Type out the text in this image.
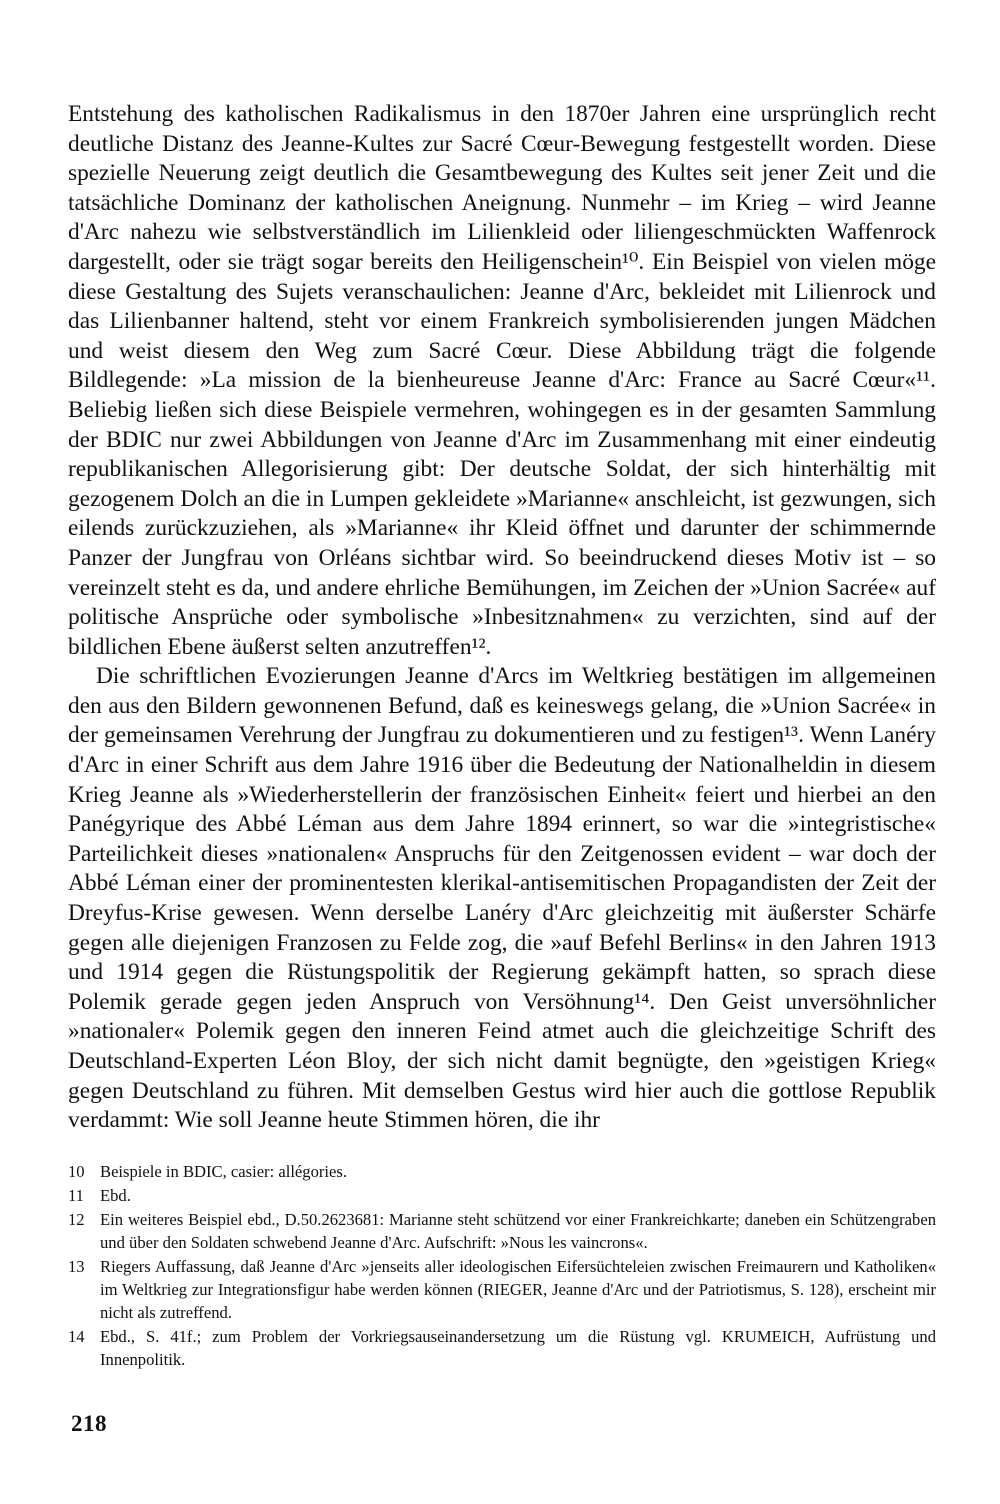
Entstehung des katholischen Radikalismus in den 1870er Jahren eine ursprünglich recht deutliche Distanz des Jeanne-Kultes zur Sacré Cœur-Bewegung festgestellt worden. Diese spezielle Neuerung zeigt deutlich die Gesamtbewegung des Kultes seit jener Zeit und die tatsächliche Dominanz der katholischen Aneignung. Nunmehr – im Krieg – wird Jeanne d'Arc nahezu wie selbstverständlich im Lilienkleid oder liliengeschmückten Waffenrock dargestellt, oder sie trägt sogar bereits den Heiligenschein¹⁰. Ein Beispiel von vielen möge diese Gestaltung des Sujets veranschaulichen: Jeanne d'Arc, bekleidet mit Lilienrock und das Lilienbanner haltend, steht vor einem Frankreich symbolisierenden jungen Mädchen und weist diesem den Weg zum Sacré Cœur. Diese Abbildung trägt die folgende Bildlegende: »La mission de la bienheureuse Jeanne d'Arc: France au Sacré Cœur«¹¹. Beliebig ließen sich diese Beispiele vermehren, wohingegen es in der gesamten Sammlung der BDIC nur zwei Abbildungen von Jeanne d'Arc im Zusammenhang mit einer eindeutig republikanischen Allegorisierung gibt: Der deutsche Soldat, der sich hinterhältig mit gezogenem Dolch an die in Lumpen gekleidete »Marianne« anschleicht, ist gezwungen, sich eilends zurückzuziehen, als »Marianne« ihr Kleid öffnet und darunter der schimmernde Panzer der Jungfrau von Orléans sichtbar wird. So beeindruckend dieses Motiv ist – so vereinzelt steht es da, und andere ehrliche Bemühungen, im Zeichen der »Union Sacrée« auf politische Ansprüche oder symbolische »Inbesitznahmen« zu verzichten, sind auf der bildlichen Ebene äußerst selten anzutreffen¹².

Die schriftlichen Evozierungen Jeanne d'Arcs im Weltkrieg bestätigen im allgemeinen den aus den Bildern gewonnenen Befund, daß es keineswegs gelang, die »Union Sacrée« in der gemeinsamen Verehrung der Jungfrau zu dokumentieren und zu festigen¹³. Wenn Lanéry d'Arc in einer Schrift aus dem Jahre 1916 über die Bedeutung der Nationalheldin in diesem Krieg Jeanne als »Wiederherstellerin der französischen Einheit« feiert und hierbei an den Panégyrique des Abbé Léman aus dem Jahre 1894 erinnert, so war die »integristische« Parteilichkeit dieses »nationalen« Anspruchs für den Zeitgenossen evident – war doch der Abbé Léman einer der prominentesten klerikal-antisemitischen Propagandisten der Zeit der Dreyfus-Krise gewesen. Wenn derselbe Lanéry d'Arc gleichzeitig mit äußerster Schärfe gegen alle diejenigen Franzosen zu Felde zog, die »auf Befehl Berlins« in den Jahren 1913 und 1914 gegen die Rüstungspolitik der Regierung gekämpft hatten, so sprach diese Polemik gerade gegen jeden Anspruch von Versöhnung¹⁴. Den Geist unversöhnlicher »nationaler« Polemik gegen den inneren Feind atmet auch die gleichzeitige Schrift des Deutschland-Experten Léon Bloy, der sich nicht damit begnügte, den »geistigen Krieg« gegen Deutschland zu führen. Mit demselben Gestus wird hier auch die gottlose Republik verdammt: Wie soll Jeanne heute Stimmen hören, die ihr

10 Beispiele in BDIC, casier: allégories.
11 Ebd.
12 Ein weiteres Beispiel ebd., D.50.2623681: Marianne steht schützend vor einer Frankreichkarte; daneben ein Schützengraben und über den Soldaten schwebend Jeanne d'Arc. Aufschrift: »Nous les vaincrons«.
13 Riegers Auffassung, daß Jeanne d'Arc »jenseits aller ideologischen Eifersüchteleien zwischen Freimaurern und Katholiken« im Weltkrieg zur Integrationsfigur habe werden können (RIEGER, Jeanne d'Arc und der Patriotismus, S. 128), erscheint mir nicht als zutreffend.
14 Ebd., S. 41f.; zum Problem der Vorkriegsauseinandersetzung um die Rüstung vgl. KRUMEICH, Aufrüstung und Innenpolitik.
218
